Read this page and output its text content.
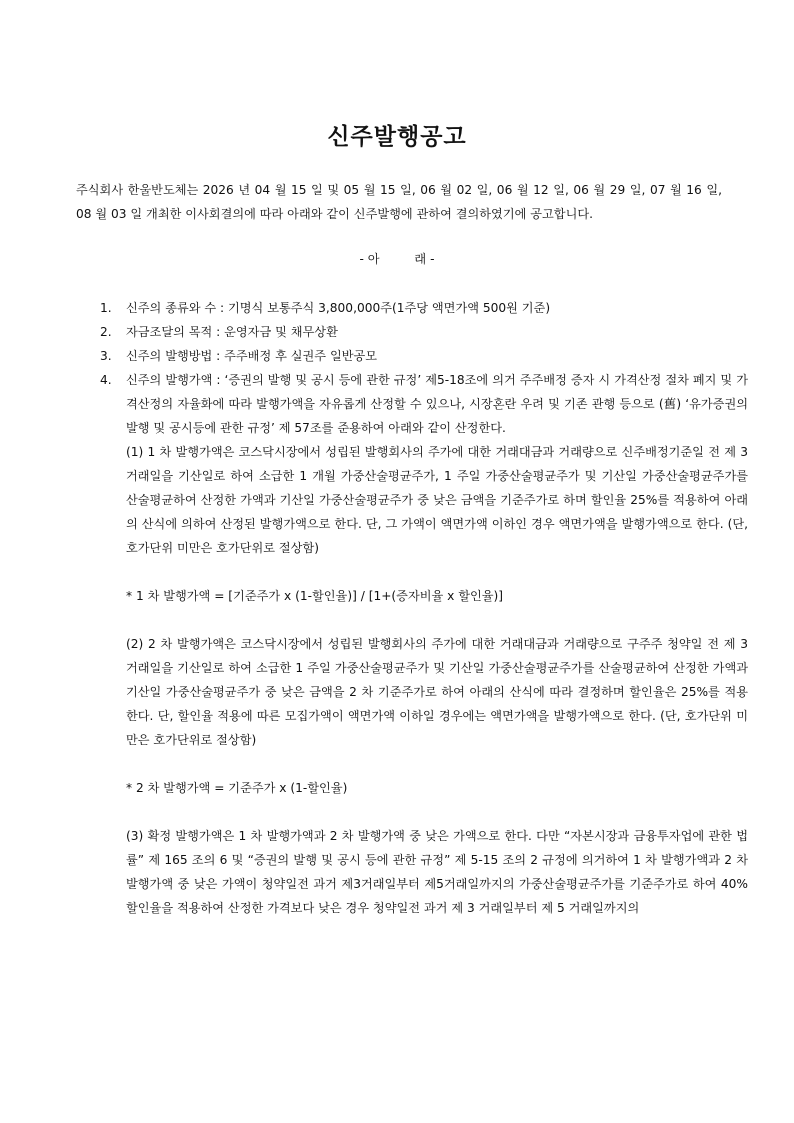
신주발행공고
주식회사 한울반도체는 2026 년 04 월 15 일 및 05 월 15 일, 06 월 02 일, 06 월 12 일, 06 월 29 일, 07 월 16 일, 08 월 03 일 개최한 이사회결의에 따라 아래와 같이 신주발행에 관하여 결의하였기에 공고합니다.
- 아         래 -
1. 신주의 종류와 수 : 기명식 보통주식 3,800,000주(1주당 액면가액 500원 기준)
2. 자금조달의 목적 : 운영자금 및 채무상환
3. 신주의 발행방법 : 주주배정 후 실권주 일반공모
4. 신주의 발행가액 : ‘증권의 발행 및 공시 등에 관한 규정’ 제5-18조에 의거 주주배정 증자 시 가격산정 절차 폐지 및 가격산정의 자율화에 따라 발행가액을 자유롭게 산정할 수 있으나, 시장혼란 우려 및 기존 관행 등으로 (舊) ‘유가증권의 발행 및 공시등에 관한 규정’ 제 57조를 준용하여 아래와 같이 산정한다.

(1) 1 차 발행가액은 코스닥시장에서 성립된 발행회사의 주가에 대한 거래대금과 거래량으로 신주배정기준일 전 제 3 거래일을 기산일로 하여 소급한 1 개월 가중산술평균주가, 1 주일 가중산술평균주가 및 기산일 가중산술평균주가를 산술평균하여 산정한 가액과 기산일 가중산술평균주가 중 낮은 금액을 기준주가로 하며 할인율 25%를 적용하여 아래의 산식에 의하여 산정된 발행가액으로 한다. 단, 그 가액이 액면가액 이하인 경우 액면가액을 발행가액으로 한다. (단, 호가단위 미만은 호가단위로 절상함)

* 1 차 발행가액 = [기준주가 x (1-할인율)] / [1+(증자비율 x 할인율)]

(2) 2 차 발행가액은 코스닥시장에서 성립된 발행회사의 주가에 대한 거래대금과 거래량으로 구주주 청약일 전 제 3 거래일을 기산일로 하여 소급한 1 주일 가중산술평균주가 및 기산일 가중산술평균주가를 산술평균하여 산정한 가액과 기산일 가중산술평균주가 중 낮은 금액을 2 차 기준주가로 하여 아래의 산식에 따라 결정하며 할인율은 25%를 적용한다. 단, 할인율 적용에 따른 모집가액이 액면가액 이하일 경우에는 액면가액을 발행가액으로 한다. (단, 호가단위 미만은 호가단위로 절상함)

* 2 차 발행가액 = 기준주가 x (1-할인율)

(3) 확정 발행가액은 1 차 발행가액과 2 차 발행가액 중 낮은 가액으로 한다. 다만 “자본시장과 금융투자업에 관한 법률” 제 165 조의 6 및 “증권의 발행 및 공시 등에 관한 규정” 제 5-15 조의 2 규정에 의거하여 1 차 발행가액과 2 차 발행가액 중 낮은 가액이 청약일전 과거 제3거래일부터 제5거래일까지의 가중산술평균주가를 기준주가로 하여 40% 할인율을 적용하여 산정한 가격보다 낮은 경우 청약일전 과거 제 3 거래일부터 제 5 거래일까지의
